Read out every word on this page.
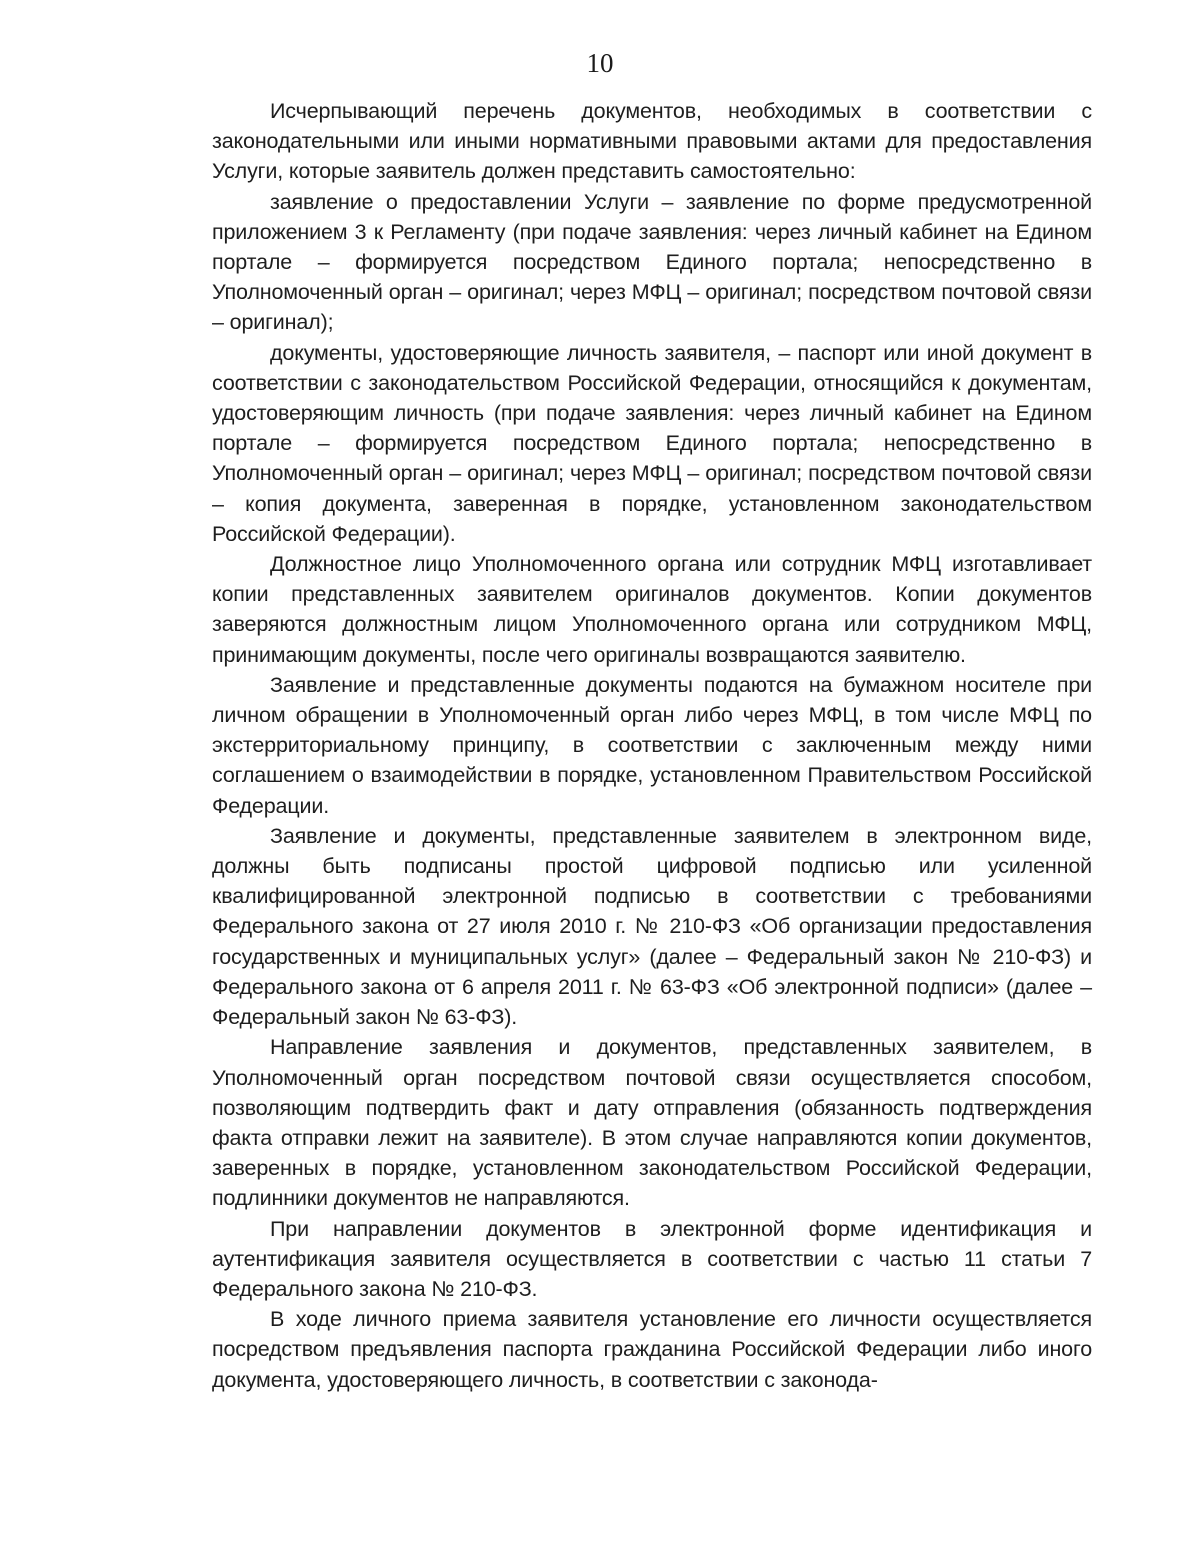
10

Исчерпывающий перечень документов, необходимых в соответствии с законодательными или иными нормативными правовыми актами для предоставления Услуги, которые заявитель должен представить самостоятельно:

заявление о предоставлении Услуги – заявление по форме предусмотренной приложением 3 к Регламенту (при подаче заявления: через личный кабинет на Едином портале – формируется посредством Единого портала; непосредственно в Уполномоченный орган – оригинал; через МФЦ – оригинал; посредством почтовой связи – оригинал);

документы, удостоверяющие личность заявителя, – паспорт или иной документ в соответствии с законодательством Российской Федерации, относящийся к документам, удостоверяющим личность (при подаче заявления: через личный кабинет на Едином портале – формируется посредством Единого портала; непосредственно в Уполномоченный орган – оригинал; через МФЦ – оригинал; посредством почтовой связи – копия документа, заверенная в порядке, установленном законодательством Российской Федерации).

Должностное лицо Уполномоченного органа или сотрудник МФЦ изготавливает копии представленных заявителем оригиналов документов. Копии документов заверяются должностным лицом Уполномоченного органа или сотрудником МФЦ, принимающим документы, после чего оригиналы возвращаются заявителю.

Заявление и представленные документы подаются на бумажном носителе при личном обращении в Уполномоченный орган либо через МФЦ, в том числе МФЦ по экстерриториальному принципу, в соответствии с заключенным между ними соглашением о взаимодействии в порядке, установленном Правительством Российской Федерации.

Заявление и документы, представленные заявителем в электронном виде, должны быть подписаны простой цифровой подписью или усиленной квалифицированной электронной подписью в соответствии с требованиями Федерального закона от 27 июля 2010 г. № 210-ФЗ «Об организации предоставления государственных и муниципальных услуг» (далее – Федеральный закон № 210-ФЗ) и Федерального закона от 6 апреля 2011 г. № 63-ФЗ «Об электронной подписи» (далее – Федеральный закон № 63-ФЗ).

Направление заявления и документов, представленных заявителем, в Уполномоченный орган посредством почтовой связи осуществляется способом, позволяющим подтвердить факт и дату отправления (обязанность подтверждения факта отправки лежит на заявителе). В этом случае направляются копии документов, заверенных в порядке, установленном законодательством Российской Федерации, подлинники документов не направляются.

При направлении документов в электронной форме идентификация и аутентификация заявителя осуществляется в соответствии с частью 11 статьи 7 Федерального закона № 210-ФЗ.

В ходе личного приема заявителя установление его личности осуществляется посредством предъявления паспорта гражданина Российской Федерации либо иного документа, удостоверяющего личность, в соответствии с законода-
